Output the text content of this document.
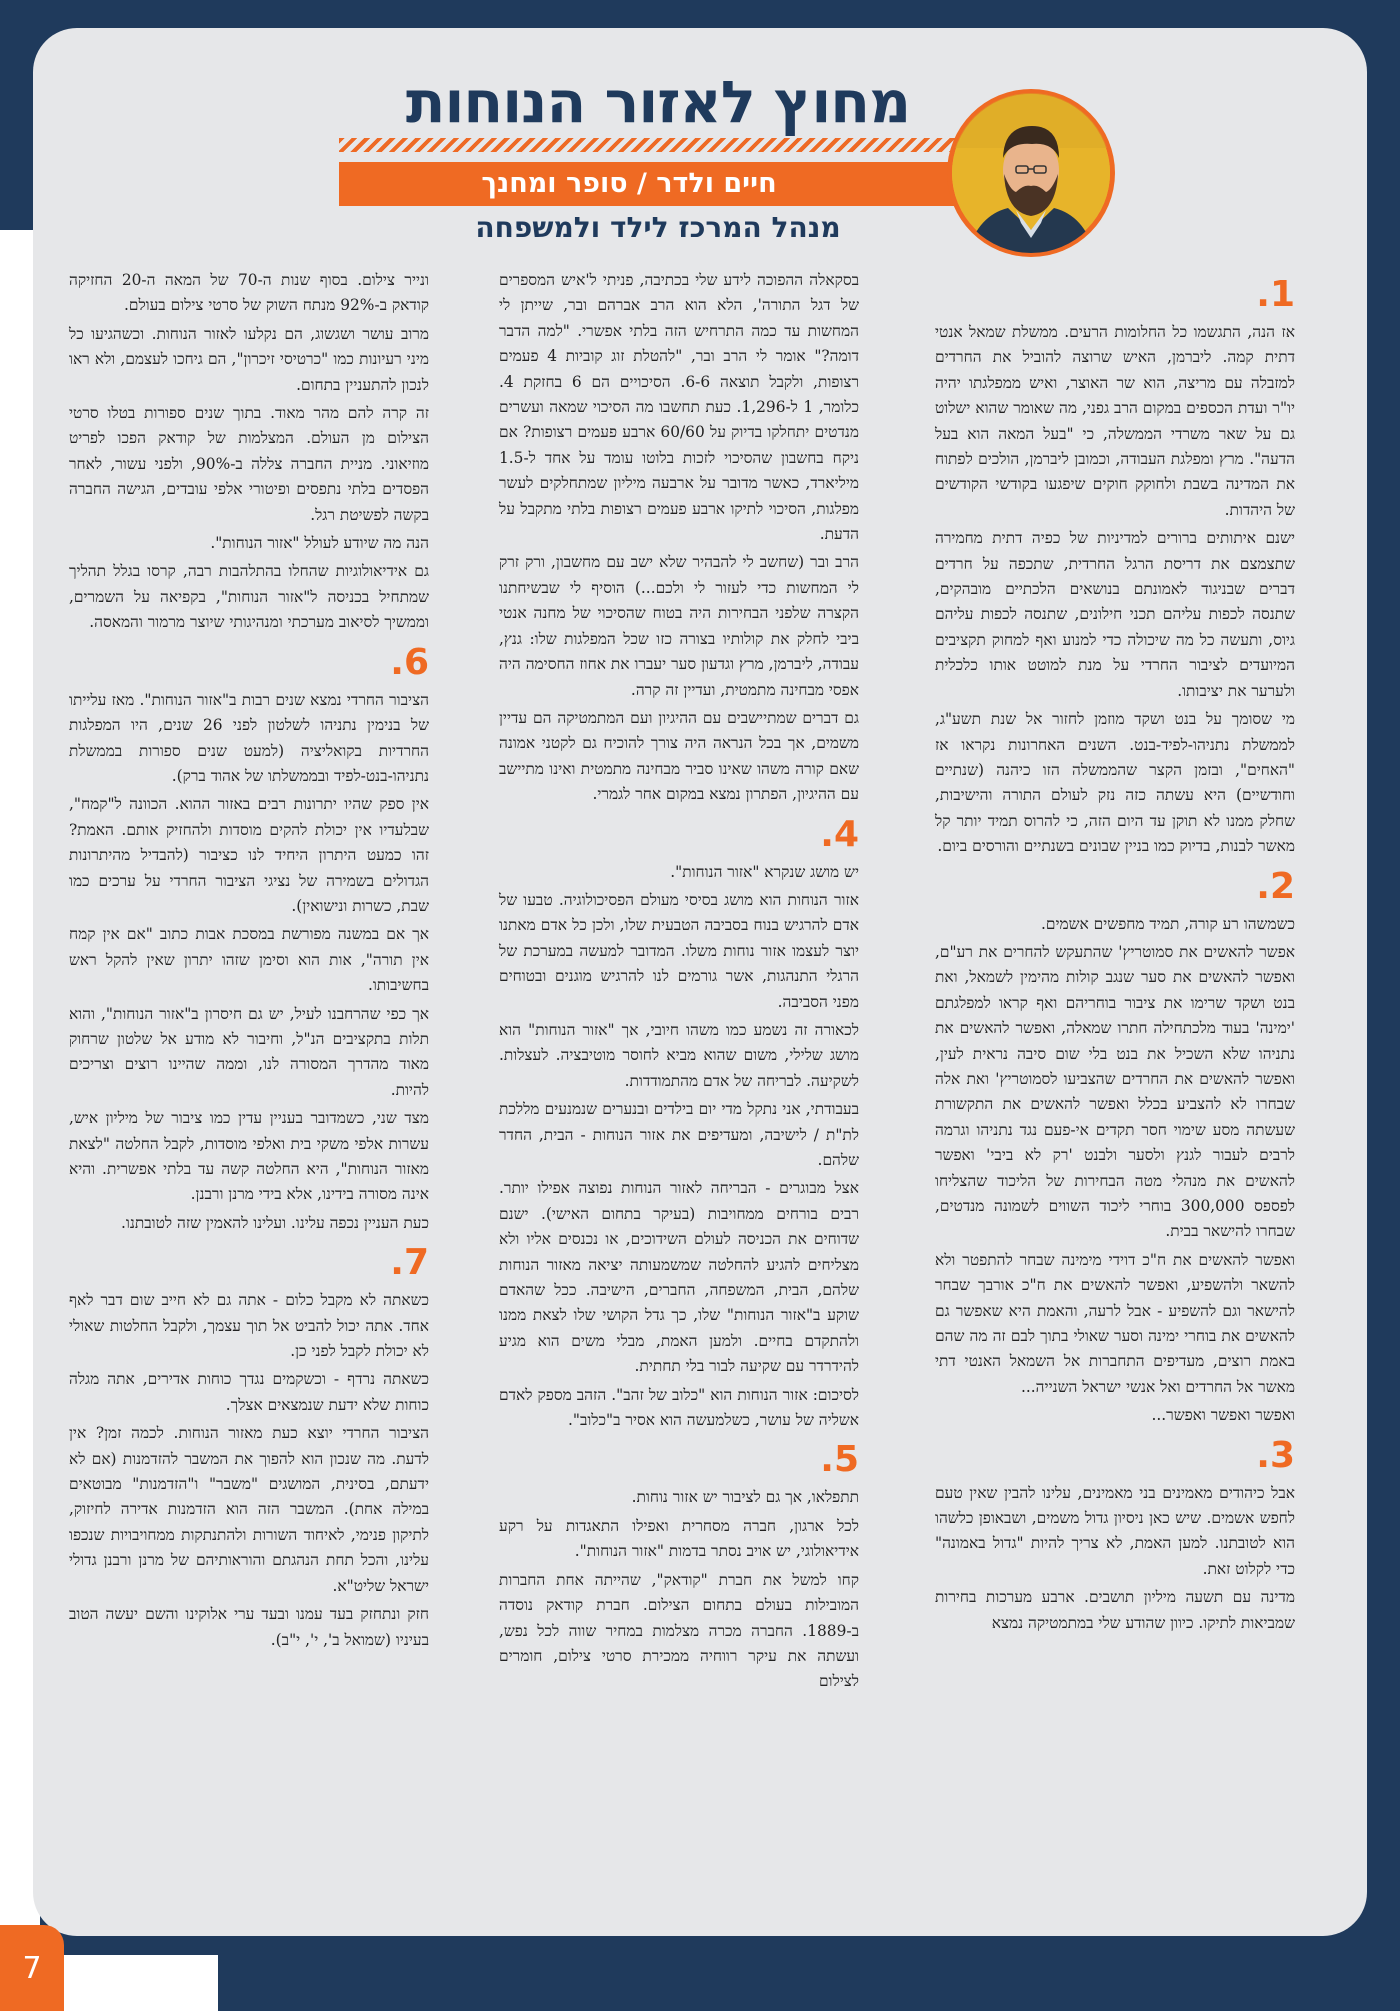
מחוץ לאזור הנוחות
חיים ולדר / סופר ומחנך
מנהל המרכז לילד ולמשפחה
1.

אז הנה, התגשמו כל החלומות הרעים. ממשלת שמאל אנטי דתית קמה. ליברמן, האיש שרוצה להוביל את החרדים למזבלה עם מריצה, הוא שר האוצר, ואיש ממפלגתו יהיה יו"ר ועדת הכספים במקום הרב גפני, מה שאומר שהוא ישלוט גם על שאר משרדי הממשלה, כי "בעל המאה הוא בעל הדעה". מרץ ומפלגת העבודה, וכמובן ליברמן, הולכים לפתוח את המדינה בשבת ולחוקק חוקים שיפגעו בקודשי הקודשים של היהדות.

ישנם איתותים ברורים למדיניות של כפיה דתית מחמירה שתצמצם את דריסת הרגל החרדית, שתכפה על חרדים דברים שבניגוד לאמונתם בנושאים הלכתיים מובהקים, שתנסה לכפות עליהם תכני חילונים, שתנסה לכפות עליהם גיוס, ותעשה כל מה שיכולה כדי למנוע ואף למחוק תקציבים המיועדים לציבור החרדי על מנת למוטט אותו כלכלית ולערער את יציבותו.

מי שסומך על בנט ושקד מוזמן לחזור אל שנת תשע"ג, לממשלת נתניהו-לפיד-בנט. השנים האחרונות נקראו אז "האחים", ובזמן הקצר שהממשלה הזו כיהנה (שנתיים וחודשיים) היא עשתה כזה נזק לעולם התורה והישיבות, שחלק ממנו לא תוקן עד היום הזה, כי להרוס תמיד יותר קל מאשר לבנות, בדיוק כמו בניין שבונים בשנתיים והורסים ביום.

2.

כשמשהו רע קורה, תמיד מחפשים אשמים.

אפשר להאשים את סמוטריץ' שהתעקש להחרים את רע"ם, ואפשר להאשים את סער שנגב קולות מהימין לשמאל, ואת בנט ושקד שרימו את ציבור בוחריהם ואף קראו למפלגתם 'ימינה' בעוד מלכתחילה חתרו שמאלה, ואפשר להאשים את נתניהו שלא השכיל את בנט בלי שום סיבה נראית לעין, ואפשר להאשים את החרדים שהצביעו לסמוטריץ' ואת אלה שבחרו לא להצביע בכלל ואפשר להאשים את התקשורת שעשתה מסע שימוי חסר תקדים אי-פעם נגד נתניהו וגרמה לרבים לעבור לגנץ ולסער ולבנט 'רק לא ביבי' ואפשר להאשים את מנהלי מטה הבחירות של הליכוד שהצליחו לפספס 300,000 בוחרי ליכוד השווים לשמונה מנדטים, שבחרו להישאר בבית.

ואפשר להאשים את ח"כ דוידי מימינה שבחר להתפטר ולא להשאר ולהשפיע, ואפשר להאשים את ח"כ אורבך שבחר להישאר וגם להשפיע - אבל לרעה, והאמת היא שאפשר גם להאשים את בוחרי ימינה וסער שאולי בתוך לבם זה מה שהם באמת רוצים, מעדיפים התחברות אל השמאל האנטי דתי מאשר אל החרדים ואל אנשי ישראל השנייה...

ואפשר ואפשר ואפשר...

3.

אבל כיהודים מאמינים בני מאמינים, עלינו להבין שאין טעם לחפש אשמים. שיש כאן ניסיון גדול משמים, ושבאופן כלשהו הוא לטובתנו. למען האמת, לא צריך להיות "גדול באמונה" כדי לקלוט זאת.

מדינה עם תשעה מיליון תושבים. ארבע מערכות בחירות שמביאות לתיקו. כיוון שהודע שלי במתמטיקה נמצא

בסקאלה ההפוכה לידע שלי בכתיבה, פניתי ל'איש המספרים של דגל התורה', הלא הוא הרב אברהם ובר, שייתן לי המחשות עד כמה התרחיש הזה בלתי אפשרי. "למה הדבר דומה?" אומר לי הרב ובר, "להטלת זוג קוביות 4 פעמים רצופות, ולקבל תוצאה 6-6. הסיכויים הם 6 בחזקת 4. כלומר, 1 ל-1,296. כעת תחשבו מה הסיכוי שמאה ועשרים מנדטים יתחלקו בדיוק על 60/60 ארבע פעמים רצופות? אם ניקח בחשבון שהסיכוי לזכות בלוטו עומד על אחד ל-1.5 מיליארד, כאשר מדובר על ארבעה מיליון שמתחלקים לעשר מפלגות, הסיכוי לתיקו ארבע פעמים רצופות בלתי מתקבל על הדעת.

הרב ובר (שחשב לי להבהיר שלא ישב עם מחשבון, ורק זרק לי המחשות כדי לעזור לי ולכם...) הוסיף לי שבשיחתנו הקצרה שלפני הבחירות היה בטוח שהסיכוי של מחנה אנטי ביבי לחלק את קולותיו בצורה כזו שכל המפלגות שלו: גנץ, עבודה, ליברמן, מרץ וגדעון סער יעברו את אחוז החסימה היה אפסי מבחינה מתמטית, ועדיין זה קרה.

גם דברים שמתיישבים עם ההיגיון ועם המתמטיקה הם עדיין משמים, אך בכל הנראה היה צורך להוכיח גם לקטני אמונה שאם קורה משהו שאינו סביר מבחינה מתמטית ואינו מתיישב עם ההיגיון, הפתרון נמצא במקום אחר לגמרי.

4.

יש מושג שנקרא "אזור הנוחות".

אזור הנוחות הוא מושג בסיסי מעולם הפסיכולוגיה. טבעו של אדם להרגיש בנוח בסביבה הטבעית שלו, ולכן כל אדם מאתנו יוצר לעצמו אזור נוחות משלו. המדובר למעשה במערכת של הרגלי התנהגות, אשר גורמים לנו להרגיש מוגנים ובטוחים מפני הסביבה.

לכאורה זה נשמע כמו משהו חיובי, אך "אזור הנוחות" הוא מושג שלילי, משום שהוא מביא לחוסר מוטיבציה. לעצלות. לשקיעה. לבריחה של אדם מהתמודדות.

בעבודתי, אני נתקל מדי יום בילדים ובנערים שנמנעים מללכת לת"ת / לישיבה, ומעדיפים את אזור הנוחות - הבית, החדר שלהם.

אצל מבוגרים - הבריחה לאזור הנוחות נפוצה אפילו יותר. רבים בורחים ממחויבות (בעיקר בתחום האישי). ישנם שדוחים את הכניסה לעולם השידוכים, או נכנסים אליו ולא מצליחים להגיע להחלטה שמשמעותה יציאה מאזור הנוחות שלהם, הבית, המשפחה, החברים, הישיבה. ככל שהאדם שוקע ב"אזור הנוחות" שלו, כך גדל הקושי שלו לצאת ממנו ולהתקדם בחיים. ולמען האמת, מבלי משים הוא מגיע להידרדר עם שקיעה לבור בלי תחתית.

לסיכום: אזור הנוחות הוא "כלוב של זהב". הזהב מספק לאדם אשליה של עושר, כשלמעשה הוא אסיר ב"כלוב".

5.

תתפלאו, אך גם לציבור יש אזור נוחות.

לכל ארגון, חברה מסחרית ואפילו התאגדות על רקע אידיאולוגי, יש אויב נסתר בדמות "אזור הנוחות".

קחו למשל את חברת "קודאק", שהייתה אחת החברות המובילות בעולם בתחום הצילום. חברת קודאק נוסדה ב-1889. החברה מכרה מצלמות במחיר שווה לכל נפש, ועשתה את עיקר רווחיה ממכירת סרטי צילום, חומרים לצילום

ונייר צילום. בסוף שנות ה-70 של המאה ה-20 החזיקה קודאק ב-92% מנתח השוק של סרטי צילום בעולם.

מרוב עושר ושגשוג, הם נקלעו לאזור הנוחות. וכשהגיעו כל מיני רעיונות כמו "כרטיסי זיכרון", הם גיחכו לעצמם, ולא ראו לנכון להתעניין בתחום.

זה קרה להם מהר מאוד. בתוך שנים ספורות בטלו סרטי הצילום מן העולם. המצלמות של קודאק הפכו לפריט מוזיאוני. מניית החברה צללה ב-90%, ולפני עשור, לאחר הפסדים בלתי נתפסים ופיטורי אלפי עובדים, הגישה החברה בקשה לפשיטת רגל.

הנה מה שיודע לעולל "אזור הנוחות".

גם אידיאולוגיות שהחלו בהתלהבות רבה, קרסו בגלל תהליך שמתחיל בכניסה ל"אזור הנוחות", בקפיאה על השמרים, וממשיך לסיאוב מערכתי ומנהיגותי שיוצר מרמור והמאסה.

6.

הציבור החרדי נמצא שנים רבות ב"אזור הנוחות". מאז עלייתו של בנימין נתניהו לשלטון לפני 26 שנים, היו המפלגות החרדיות בקואליציה (למעט שנים ספורות בממשלת נתניהו-בנט-לפיד ובממשלתו של אהוד ברק).

אין ספק שהיו יתרונות רבים באזור ההוא. הכוונה ל"קמח", שבלעדיו אין יכולת להקים מוסדות ולהחזיק אותם. האמת? זהו כמעט היתרון היחיד לנו כציבור (להבדיל מהיתרונות הגדולים בשמירה של נציגי הציבור החרדי על ערכים כמו שבת, כשרות ונישואין).

אך אם במשנה מפורשת במסכת אבות כתוב "אם אין קמח אין תורה", אות הוא וסימן שזהו יתרון שאין להקל ראש בחשיבותו.

אך כפי שהרחבנו לעיל, יש גם חיסרון ב"אזור הנוחות", והוא תלות בתקציבים הנ"ל, וחיבור לא מודע אל שלטון שרחוק מאוד מהדרך המסורה לנו, וממה שהיינו רוצים וצריכים להיות.

מצד שני, כשמדובר בעניין עדין כמו ציבור של מיליון איש, עשרות אלפי משקי בית ואלפי מוסדות, לקבל החלטה "לצאת מאזור הנוחות", היא החלטה קשה עד בלתי אפשרית. והיא אינה מסורה בידינו, אלא בידי מרנן ורבנן.

כעת העניין נכפה עלינו. ועלינו להאמין שזה לטובתנו.

7.

כשאתה לא מקבל כלום - אתה גם לא חייב שום דבר לאף אחד. אתה יכול להביט אל תוך עצמך, ולקבל החלטות שאולי לא יכולת לקבל לפני כן.

כשאתה נרדף - וכשקמים נגדך כוחות אדירים, אתה מגלה כוחות שלא ידעת שנמצאים אצלך.

הציבור החרדי יוצא כעת מאזור הנוחות. לכמה זמן? אין לדעת. מה שנכון הוא להפוך את המשבר להזדמנות (אם לא ידעתם, בסינית, המושגים "משבר" ו"הזדמנות" מבוטאים במילה אחת). המשבר הזה הוא הזדמנות אדירה לחיזוק, לתיקון פנימי, לאיחוד השורות ולהתנתקות ממחויבויות שנכפו עלינו, והכל תחת הנהגתם והוראותיהם של מרנן ורבנן גדולי ישראל שליט"א.

חזק ונתחזק בעד עמנו ובעד ערי אלוקינו והשם יעשה הטוב בעיניו (שמואל ב', י', י"ב).

7
